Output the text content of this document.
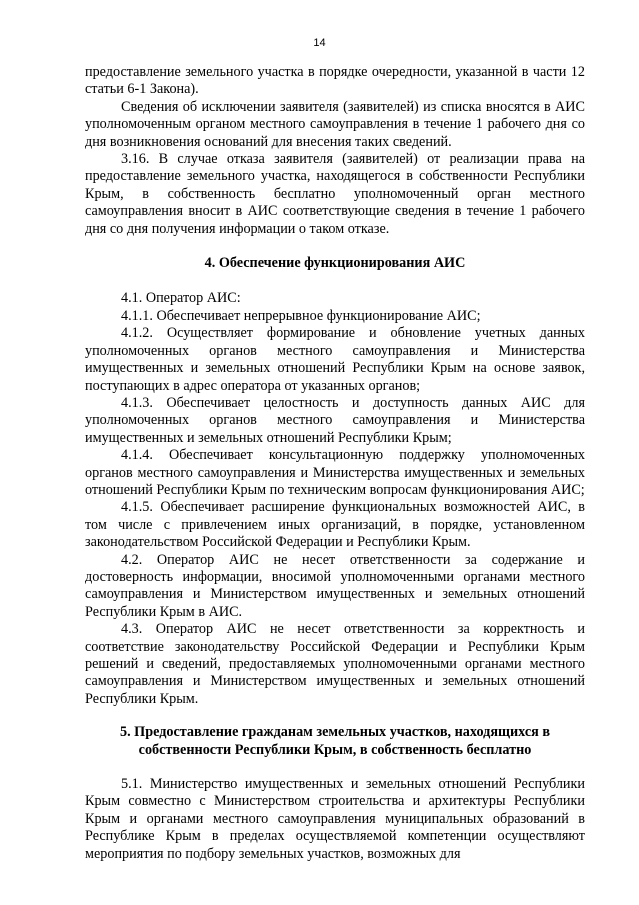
14

предоставление земельного участка в порядке очередности, указанной в части 12 статьи 6-1 Закона).

Сведения об исключении заявителя (заявителей) из списка вносятся в АИС уполномоченным органом местного самоуправления в течение 1 рабочего дня со дня возникновения оснований для внесения таких сведений.

3.16. В случае отказа заявителя (заявителей) от реализации права на предоставление земельного участка, находящегося в собственности Республики Крым, в собственность бесплатно уполномоченный орган местного самоуправления вносит в АИС соответствующие сведения в течение 1 рабочего дня со дня получения информации о таком отказе.

4. Обеспечение функционирования АИС

4.1. Оператор АИС:

4.1.1. Обеспечивает непрерывное функционирование АИС;

4.1.2. Осуществляет формирование и обновление учетных данных уполномоченных органов местного самоуправления и Министерства имущественных и земельных отношений Республики Крым на основе заявок, поступающих в адрес оператора от указанных органов;

4.1.3. Обеспечивает целостность и доступность данных АИС для уполномоченных органов местного самоуправления и Министерства имущественных и земельных отношений Республики Крым;

4.1.4. Обеспечивает консультационную поддержку уполномоченных органов местного самоуправления и Министерства имущественных и земельных отношений Республики Крым по техническим вопросам функционирования АИС;

4.1.5. Обеспечивает расширение функциональных возможностей АИС, в том числе с привлечением иных организаций, в порядке, установленном законодательством Российской Федерации и Республики Крым.

4.2. Оператор АИС не несет ответственности за содержание и достоверность информации, вносимой уполномоченными органами местного самоуправления и Министерством имущественных и земельных отношений Республики Крым в АИС.

4.3. Оператор АИС не несет ответственности за корректность и соответствие законодательству Российской Федерации и Республики Крым решений и сведений, предоставляемых уполномоченными органами местного самоуправления и Министерством имущественных и земельных отношений Республики Крым.

5. Предоставление гражданам земельных участков, находящихся в
собственности Республики Крым, в собственность бесплатно

5.1. Министерство имущественных и земельных отношений Республики Крым совместно с Министерством строительства и архитектуры Республики Крым и органами местного самоуправления муниципальных образований в Республике Крым в пределах осуществляемой компетенции осуществляют мероприятия по подбору земельных участков, возможных для
